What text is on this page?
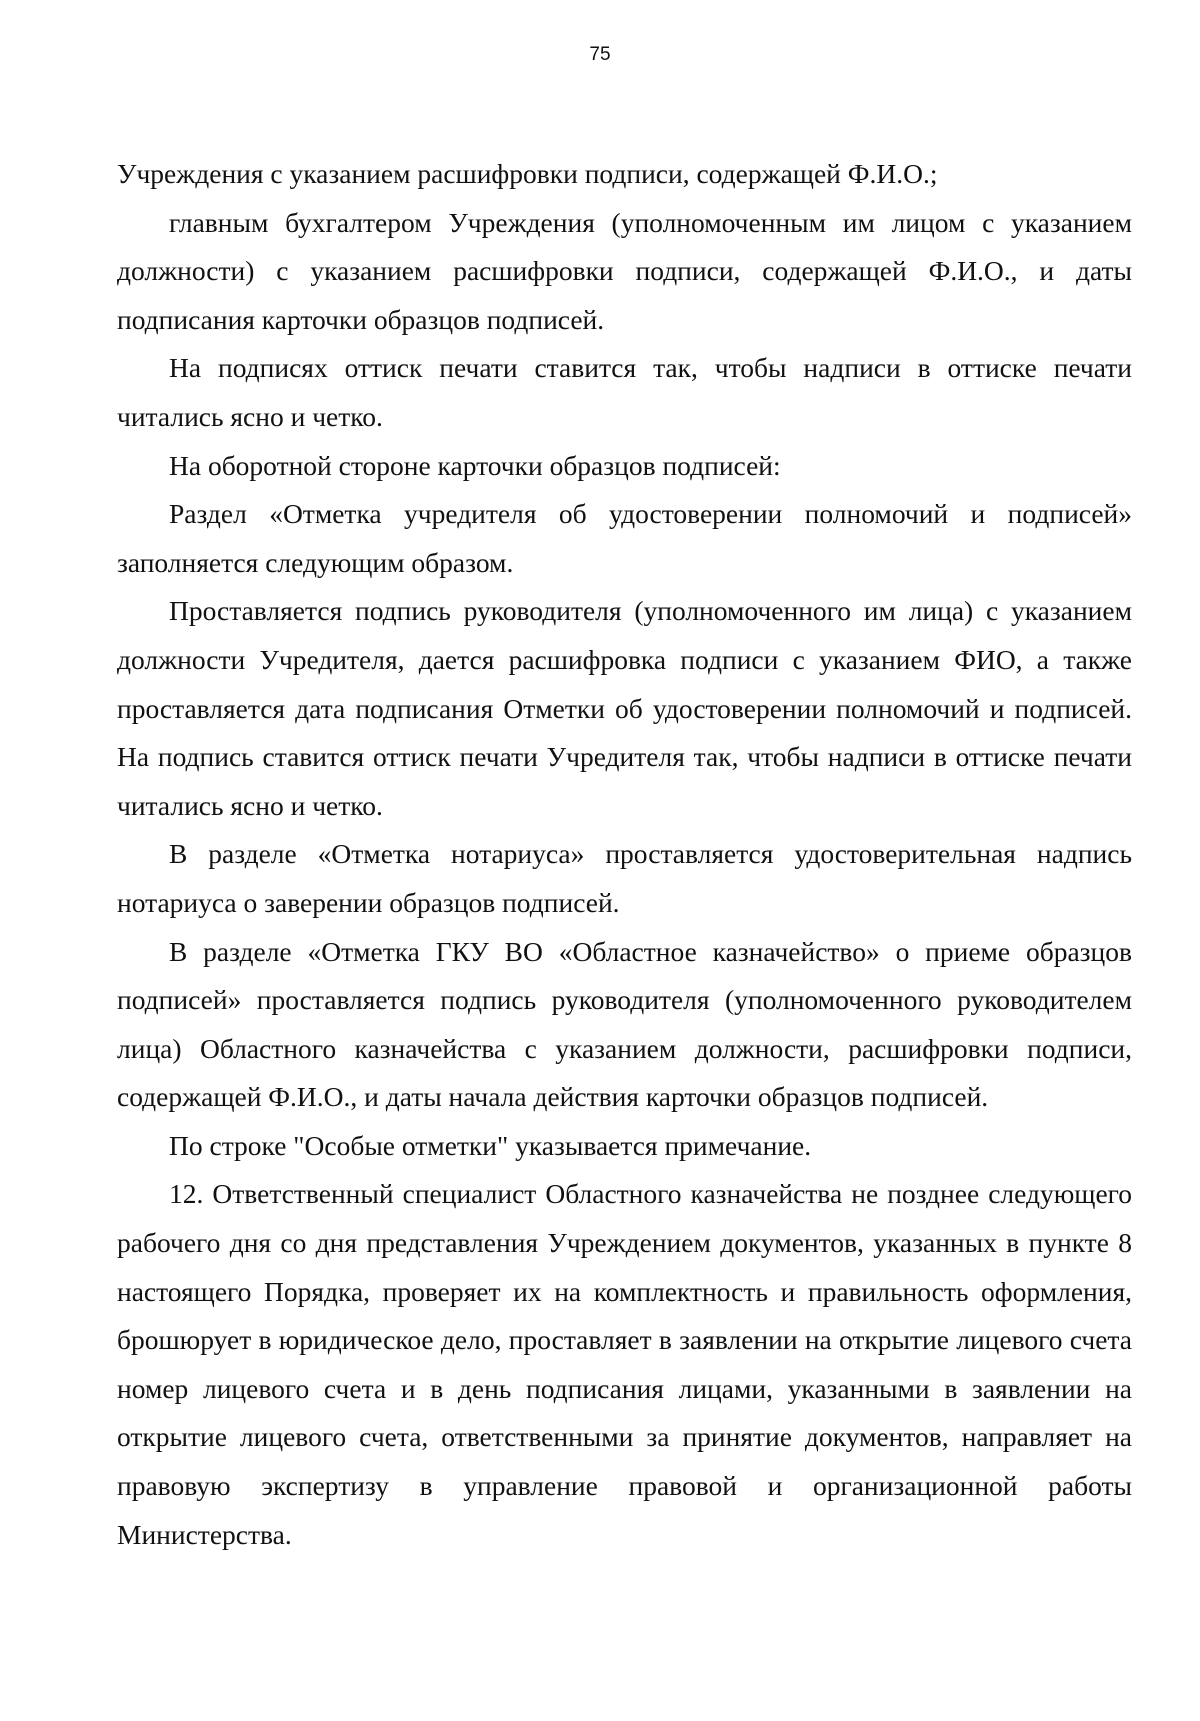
75

Учреждения с указанием расшифровки подписи, содержащей Ф.И.О.;

главным бухгалтером Учреждения (уполномоченным им лицом с указанием должности) с указанием расшифровки подписи, содержащей Ф.И.О., и даты подписания карточки образцов подписей.

На подписях оттиск печати ставится так, чтобы надписи в оттиске печати читались ясно и четко.

На оборотной стороне карточки образцов подписей:

Раздел «Отметка учредителя об удостоверении полномочий и подписей» заполняется следующим образом.

Проставляется подпись руководителя (уполномоченного им лица) с указанием должности Учредителя, дается расшифровка подписи с указанием ФИО, а также проставляется дата подписания Отметки об удостоверении полномочий и подписей. На подпись ставится оттиск печати Учредителя так, чтобы надписи в оттиске печати читались ясно и четко.

В разделе «Отметка нотариуса» проставляется удостоверительная надпись нотариуса о заверении образцов подписей.

В разделе «Отметка ГКУ ВО «Областное казначейство» о приеме образцов подписей» проставляется подпись руководителя (уполномоченного руководителем лица) Областного казначейства с указанием должности, расшифровки подписи, содержащей Ф.И.О., и даты начала действия карточки образцов подписей.

По строке "Особые отметки" указывается примечание.

12. Ответственный специалист Областного казначейства не позднее следующего рабочего дня со дня представления Учреждением документов, указанных в пункте 8 настоящего Порядка, проверяет их на комплектность и правильность оформления, брошюрует в юридическое дело, проставляет в заявлении на открытие лицевого счета номер лицевого счета и в день подписания лицами, указанными в заявлении на открытие лицевого счета, ответственными за принятие документов, направляет на правовую экспертизу в управление правовой и организационной работы Министерства.
